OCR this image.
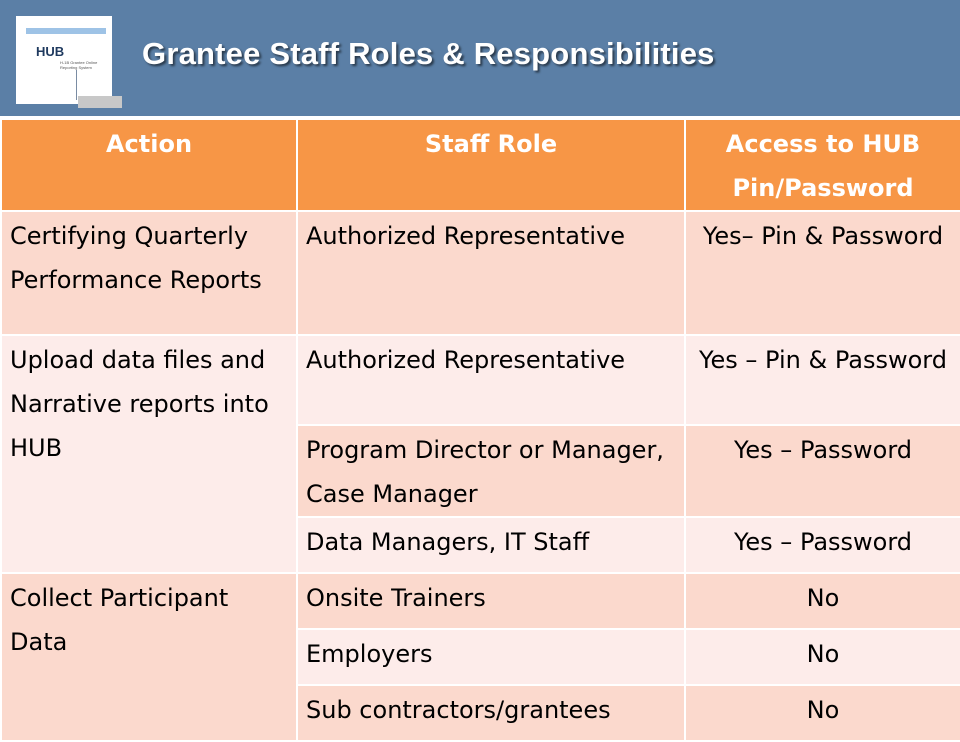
HUB
H-1B Grantee Online Reporting System	Grantee Staff Roles & Responsibilities
Action	Staff Role	Access to HUB Pin/Password
Certifying Quarterly Performance Reports	Authorized Representative	Yes– Pin & Password
Upload data files and Narrative reports into HUB	Authorized Representative	Yes – Pin & Password
	Program Director or Manager, Case Manager	Yes – Password
	Data Managers, IT Staff	Yes – Password
Collect Participant Data	Onsite Trainers	No
	Employers	No
	Sub contractors/grantees	No
